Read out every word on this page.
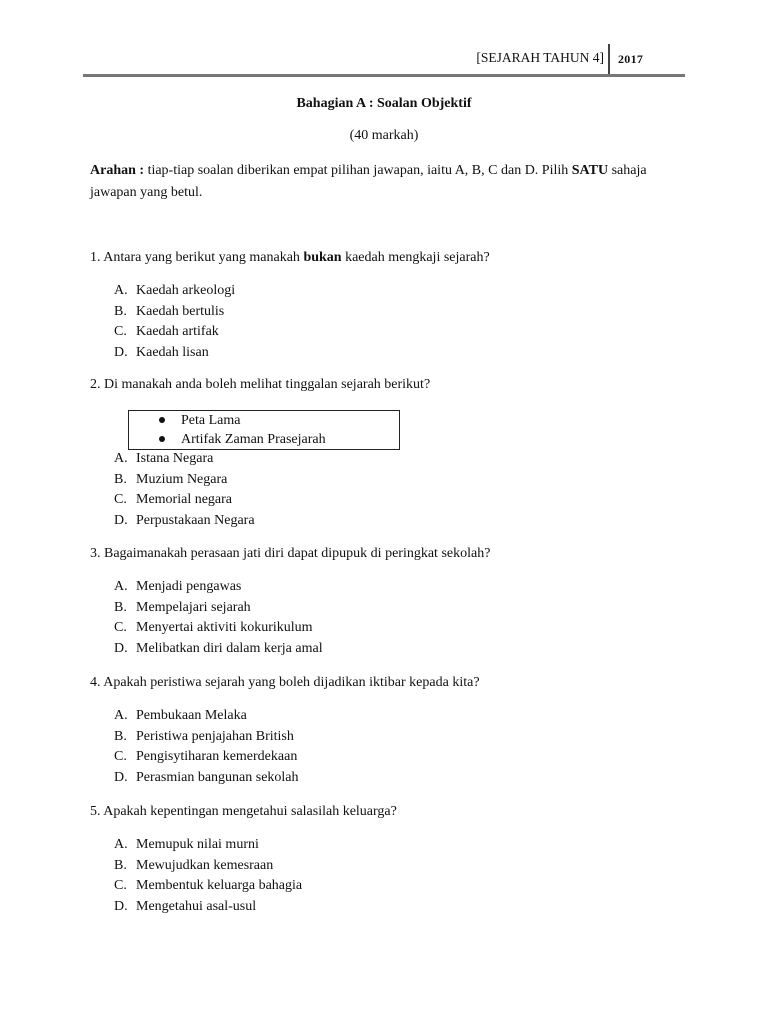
[SEJARAH TAHUN 4] 2017
Bahagian A : Soalan Objektif
(40 markah)
Arahan : tiap-tiap soalan diberikan empat pilihan jawapan, iaitu A, B, C dan D. Pilih SATU sahaja jawapan yang betul.
1. Antara yang berikut yang manakah bukan kaedah mengkaji sejarah?
A. Kaedah arkeologi
B. Kaedah bertulis
C. Kaedah artifak
D. Kaedah lisan
2. Di manakah anda boleh melihat tinggalan sejarah berikut?
Peta Lama
Artifak Zaman Prasejarah
A. Istana Negara
B. Muzium Negara
C. Memorial negara
D. Perpustakaan Negara
3. Bagaimanakah perasaan jati diri dapat dipupuk di peringkat sekolah?
A. Menjadi pengawas
B. Mempelajari sejarah
C. Menyertai aktiviti kokurikulum
D. Melibatkan diri dalam kerja amal
4. Apakah peristiwa sejarah yang boleh dijadikan iktibar kepada kita?
A. Pembukaan Melaka
B. Peristiwa penjajahan British
C. Pengisytiharan kemerdekaan
D. Perasmian bangunan sekolah
5. Apakah kepentingan mengetahui salasilah keluarga?
A. Memupuk nilai murni
B. Mewujudkan kemesraan
C. Membentuk keluarga bahagia
D. Mengetahui asal-usul
